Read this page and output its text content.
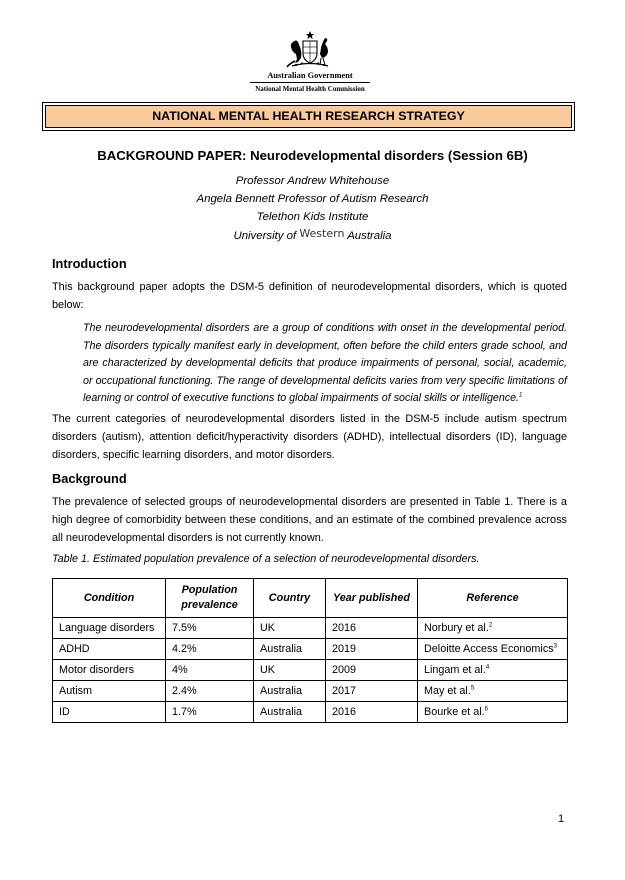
Australian Government
National Mental Health Commission
NATIONAL MENTAL HEALTH RESEARCH STRATEGY
BACKGROUND PAPER: Neurodevelopmental disorders (Session 6B)
Professor Andrew Whitehouse
Angela Bennett Professor of Autism Research
Telethon Kids Institute
University of Western Australia
Introduction

This background paper adopts the DSM-5 definition of neurodevelopmental disorders, which is quoted below:

The neurodevelopmental disorders are a group of conditions with onset in the developmental period. The disorders typically manifest early in development, often before the child enters grade school, and are characterized by developmental deficits that produce impairments of personal, social, academic, or occupational functioning. The range of developmental deficits varies from very specific limitations of learning or control of executive functions to global impairments of social skills or intelligence.$^1$

The current categories of neurodevelopmental disorders listed in the DSM-5 include autism spectrum disorders (autism), attention deficit/hyperactivity disorders (ADHD), intellectual disorders (ID), language disorders, specific learning disorders, and motor disorders.

Background

The prevalence of selected groups of neurodevelopmental disorders are presented in Table 1. There is a high degree of comorbidity between these conditions, and an estimate of the combined prevalence across all neurodevelopmental disorders is not currently known.

Table 1. Estimated population prevalence of a selection of neurodevelopmental disorders.

Condition	Population prevalence	Country	Year published	Reference
Language disorders	7.5%	UK	2016	Norbury et al.$^2$
ADHD	4.2%	Australia	2019	Deloitte Access Economics$^3$
Motor disorders	4%	UK	2009	Lingam et al.$^4$
Autism	2.4%	Australia	2017	May et al.$^5$
ID	1.7%	Australia	2016	Bourke et al.$^6$
1
